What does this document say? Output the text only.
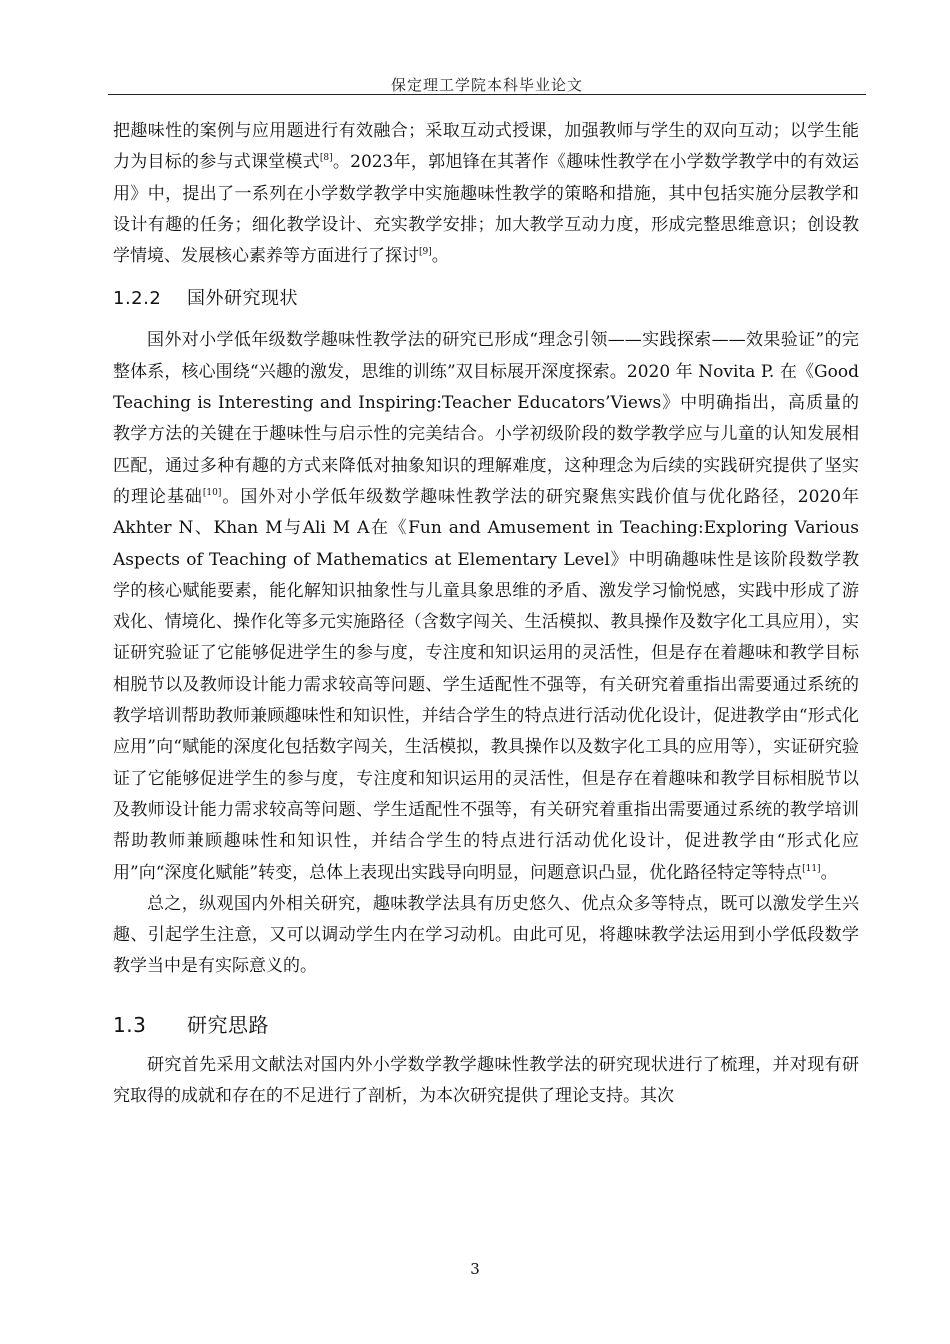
保定理工学院本科毕业论文

把趣味性的案例与应用题进行有效融合；采取互动式授课，加强教师与学生的双向互动；以学生能力为目标的参与式课堂模式[8]。2023年，郭旭锋在其著作《趣味性教学在小学数学教学中的有效运用》中，提出了一系列在小学数学教学中实施趣味性教学的策略和措施，其中包括实施分层教学和设计有趣的任务；细化教学设计、充实教学安排；加大教学互动力度，形成完整思维意识；创设教学情境、发展核心素养等方面进行了探讨[9]。

1.2.2 国外研究现状

国外对小学低年级数学趣味性教学法的研究已形成“理念引领——实践探索——效果验证”的完整体系，核心围绕“兴趣的激发，思维的训练”双目标展开深度探索。2020 年 Novita P. 在《Good Teaching is Interesting and Inspiring:Teacher Educators’Views》中明确指出，高质量的教学方法的关键在于趣味性与启示性的完美结合。小学初级阶段的数学教学应与儿童的认知发展相匹配，通过多种有趣的方式来降低对抽象知识的理解难度，这种理念为后续的实践研究提供了坚实的理论基础[10]。国外对小学低年级数学趣味性教学法的研究聚焦实践价值与优化路径，2020年Akhter N、Khan M与Ali M A在《Fun and Amusement in Teaching:Exploring Various Aspects of Teaching of Mathematics at Elementary Level》中明确趣味性是该阶段数学教学的核心赋能要素，能化解知识抽象性与儿童具象思维的矛盾、激发学习愉悦感，实践中形成了游戏化、情境化、操作化等多元实施路径（含数字闯关、生活模拟、教具操作及数字化工具应用），实证研究验证了它能够促进学生的参与度，专注度和知识运用的灵活性，但是存在着趣味和教学目标相脱节以及教师设计能力需求较高等问题、学生适配性不强等，有关研究着重指出需要通过系统的教学培训帮助教师兼顾趣味性和知识性，并结合学生的特点进行活动优化设计，促进教学由“形式化应用”向“赋能的深度化包括数字闯关，生活模拟，教具操作以及数字化工具的应用等），实证研究验证了它能够促进学生的参与度，专注度和知识运用的灵活性，但是存在着趣味和教学目标相脱节以及教师设计能力需求较高等问题、学生适配性不强等，有关研究着重指出需要通过系统的教学培训帮助教师兼顾趣味性和知识性，并结合学生的特点进行活动优化设计，促进教学由“形式化应用”向“深度化赋能”转变，总体上表现出实践导向明显，问题意识凸显，优化路径特定等特点[11]。

总之，纵观国内外相关研究，趣味教学法具有历史悠久、优点众多等特点，既可以激发学生兴趣、引起学生注意，又可以调动学生内在学习动机。由此可见，将趣味教学法运用到小学低段数学教学当中是有实际意义的。

1.3 研究思路

研究首先采用文献法对国内外小学数学教学趣味性教学法的研究现状进行了梳理，并对现有研究取得的成就和存在的不足进行了剖析，为本次研究提供了理论支持。其次

3
